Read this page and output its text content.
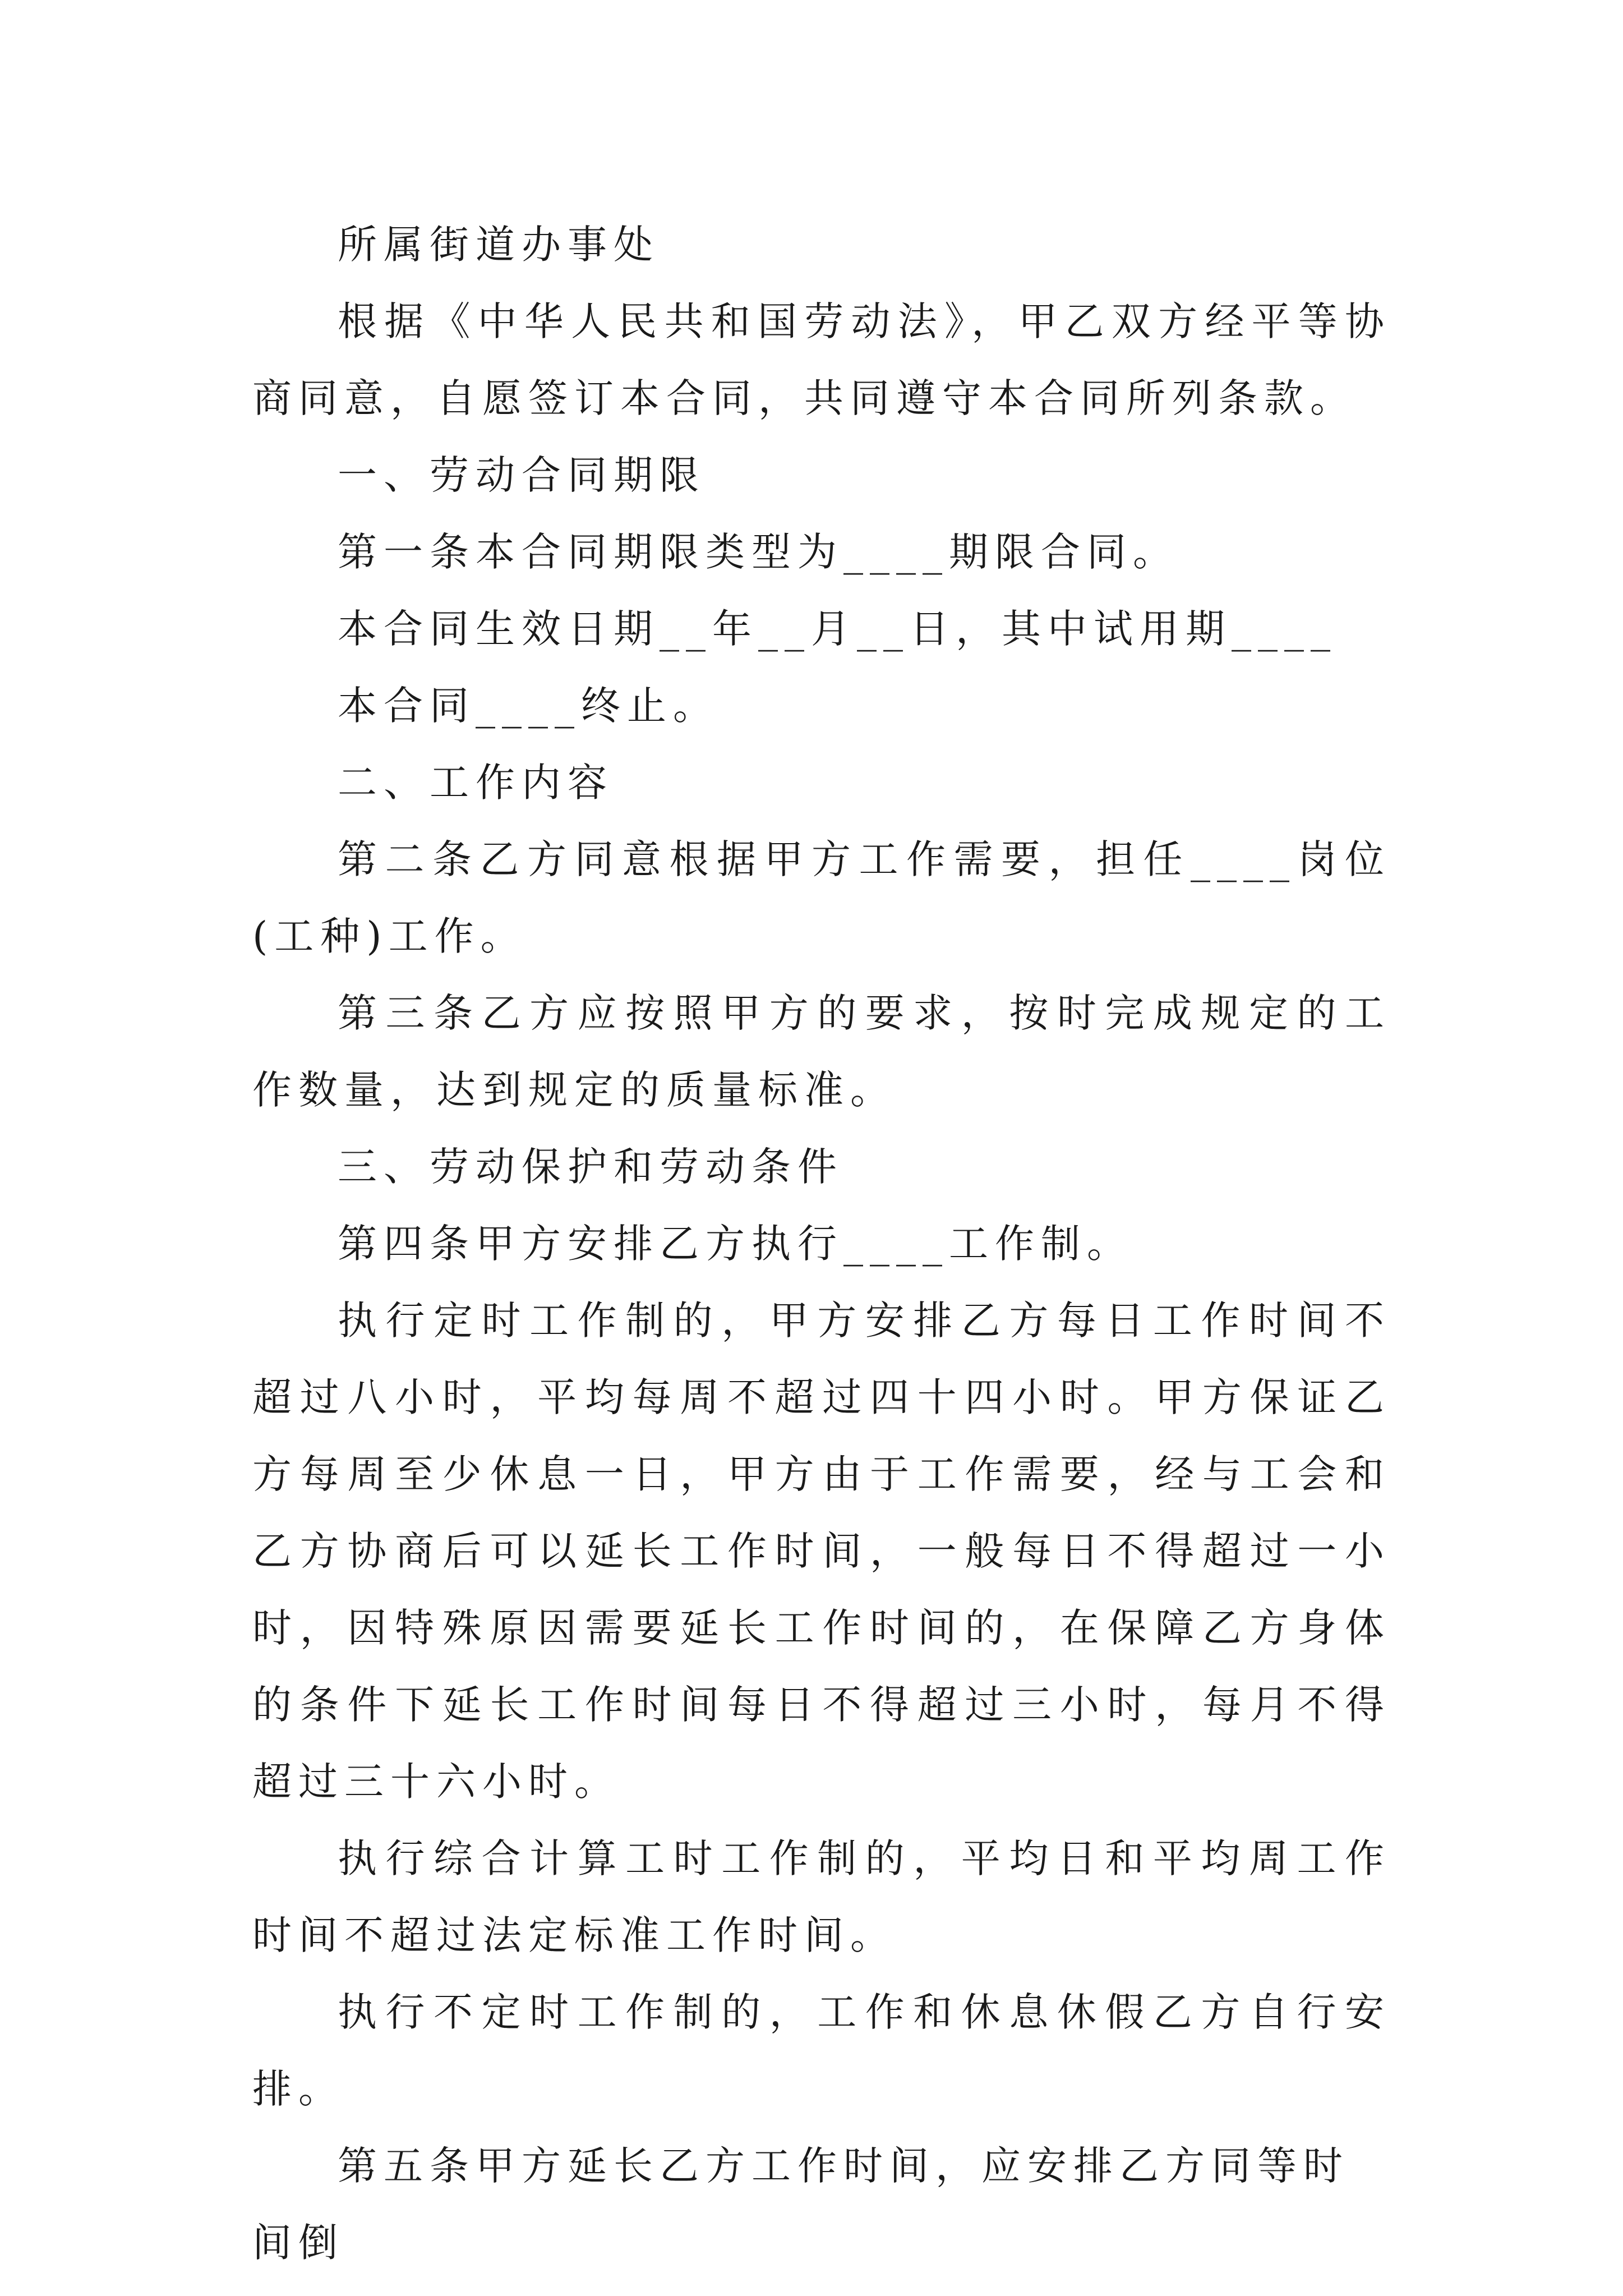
所属街道办事处

根据《中华人民共和国劳动法》，甲乙双方经平等协商同意，自愿签订本合同，共同遵守本合同所列条款。

一、劳动合同期限

第一条本合同期限类型为____期限合同。

本合同生效日期__年__月__日，其中试用期____

本合同____终止。

二、工作内容

第二条乙方同意根据甲方工作需要，担任____岗位(工种)工作。

第三条乙方应按照甲方的要求，按时完成规定的工作数量，达到规定的质量标准。

三、劳动保护和劳动条件

第四条甲方安排乙方执行____工作制。

执行定时工作制的，甲方安排乙方每日工作时间不超过八小时，平均每周不超过四十四小时。甲方保证乙方每周至少休息一日，甲方由于工作需要，经与工会和乙方协商后可以延长工作时间，一般每日不得超过一小时，因特殊原因需要延长工作时间的，在保障乙方身体的条件下延长工作时间每日不得超过三小时，每月不得超过三十六小时。

执行综合计算工时工作制的，平均日和平均周工作时间不超过法定标准工作时间。

执行不定时工作制的，工作和休息休假乙方自行安排。

第五条甲方延长乙方工作时间，应安排乙方同等时间倒
